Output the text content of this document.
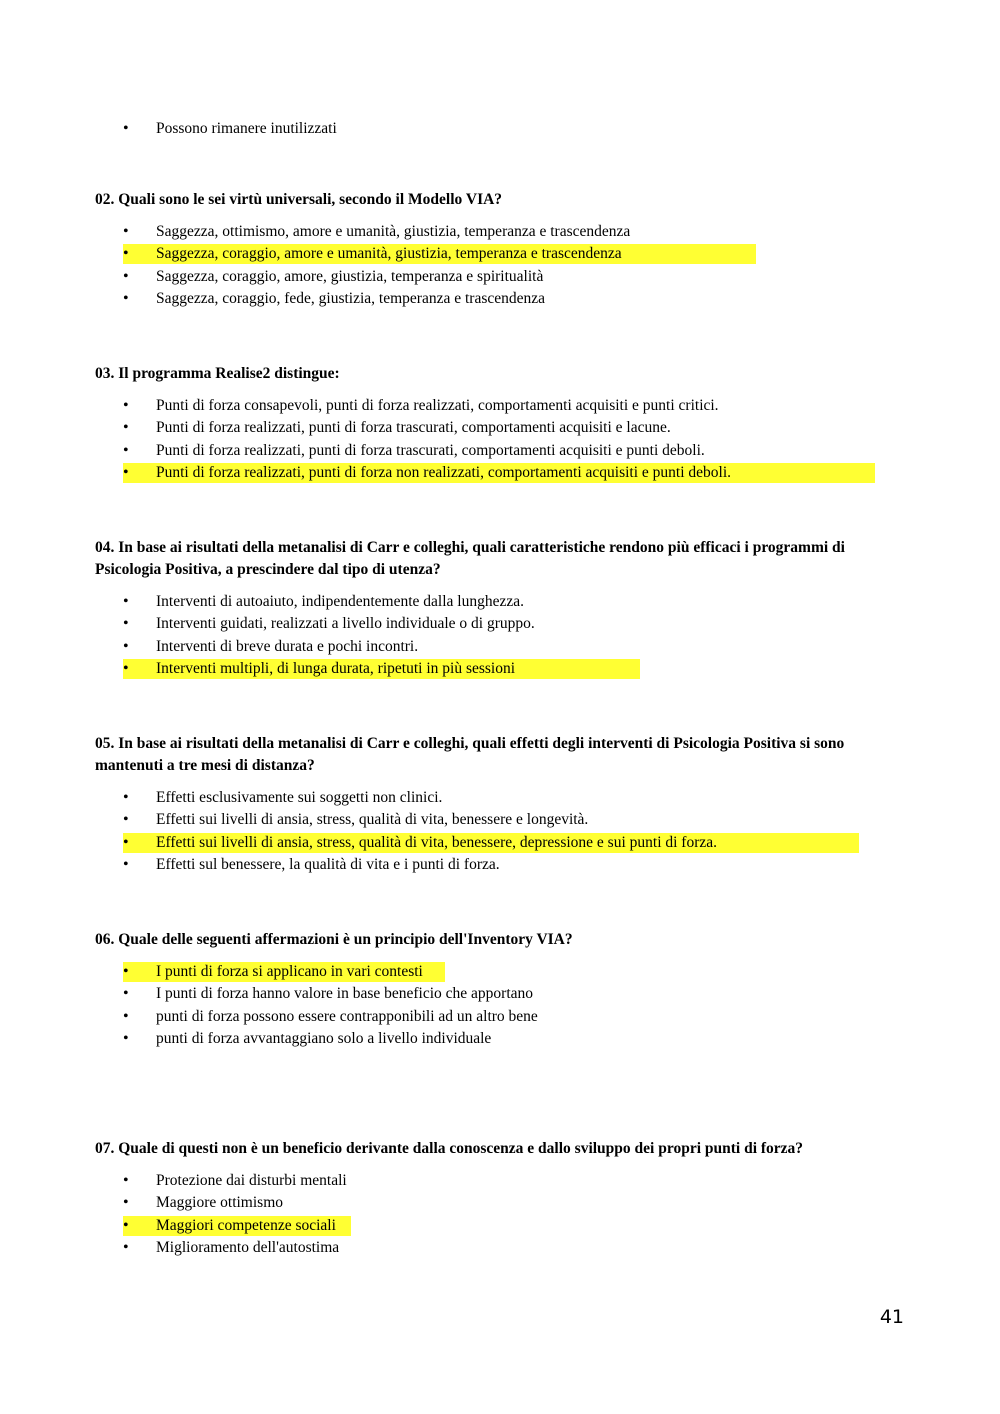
• Possono rimanere inutilizzati

02. Quali sono le sei virtù universali, secondo il Modello VIA?

• Saggezza, ottimismo, amore e umanità, giustizia, temperanza e trascendenza
• Saggezza, coraggio, amore e umanità, giustizia, temperanza e trascendenza
• Saggezza, coraggio, amore, giustizia, temperanza e spiritualità
• Saggezza, coraggio, fede, giustizia, temperanza e trascendenza

03. Il programma Realise2 distingue:

• Punti di forza consapevoli, punti di forza realizzati, comportamenti acquisiti e punti critici.
• Punti di forza realizzati, punti di forza trascurati, comportamenti acquisiti e lacune.
• Punti di forza realizzati, punti di forza trascurati, comportamenti acquisiti e punti deboli.
• Punti di forza realizzati, punti di forza non realizzati, comportamenti acquisiti e punti deboli.

04. In base ai risultati della metanalisi di Carr e colleghi, quali caratteristiche rendono più efficaci i programmi di Psicologia Positiva, a prescindere dal tipo di utenza?

• Interventi di autoaiuto, indipendentemente dalla lunghezza.
• Interventi guidati, realizzati a livello individuale o di gruppo.
• Interventi di breve durata e pochi incontri.
• Interventi multipli, di lunga durata, ripetuti in più sessioni

05. In base ai risultati della metanalisi di Carr e colleghi, quali effetti degli interventi di Psicologia Positiva si sono mantenuti a tre mesi di distanza?

• Effetti esclusivamente sui soggetti non clinici.
• Effetti sui livelli di ansia, stress, qualità di vita, benessere e longevità.
• Effetti sui livelli di ansia, stress, qualità di vita, benessere, depressione e sui punti di forza.
• Effetti sul benessere, la qualità di vita e i punti di forza.

06. Quale delle seguenti affermazioni è un principio dell'Inventory VIA?

• I punti di forza si applicano in vari contesti
• I punti di forza hanno valore in base beneficio che apportano
• punti di forza possono essere contrapponibili ad un altro bene
• punti di forza avvantaggiano solo a livello individuale

07. Quale di questi non è un beneficio derivante dalla conoscenza e dallo sviluppo dei propri punti di forza?

• Protezione dai disturbi mentali
• Maggiore ottimismo
• Maggiori competenze sociali
• Miglioramento dell'autostima
41
